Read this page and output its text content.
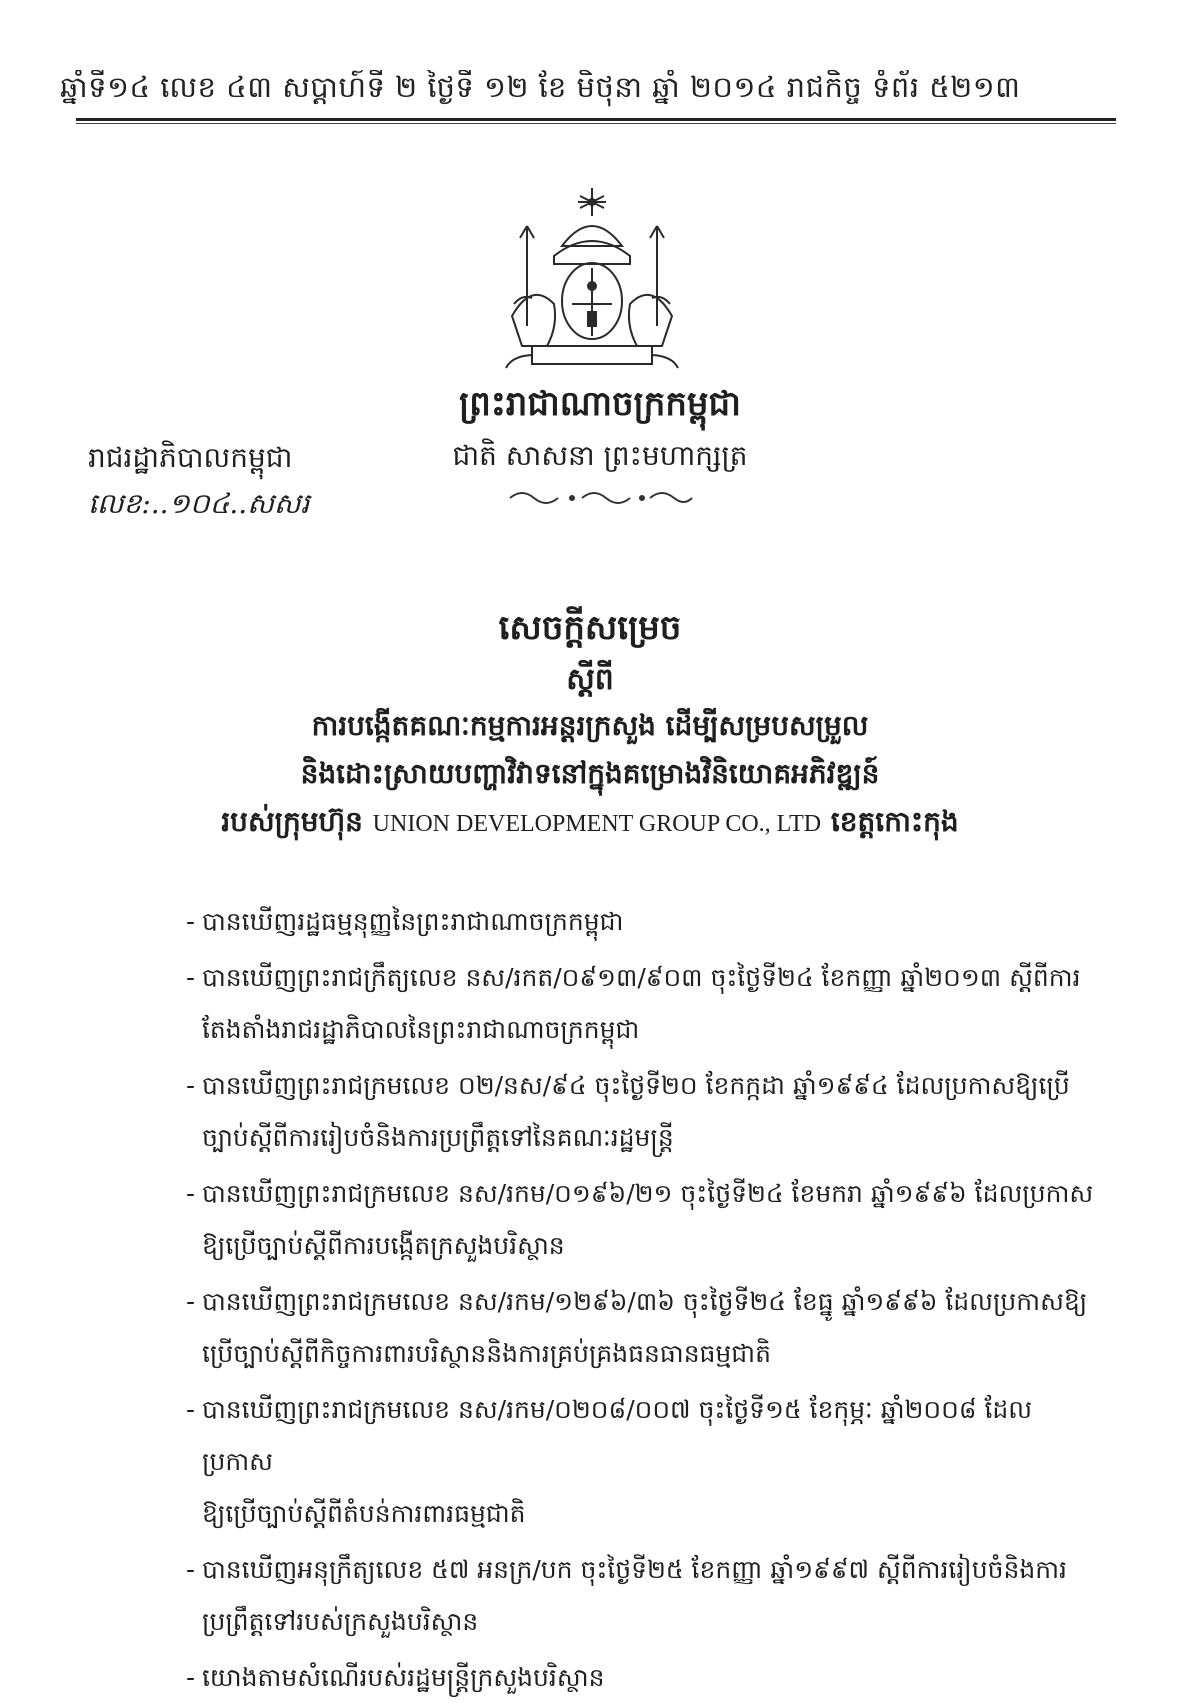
ឆ្នាំទី១៤ លេខ ៤៣ សប្តាហ៍ទី ២ ថ្ងៃទី ១២ ខែ មិថុនា ឆ្នាំ ២០១៤ រាជកិច្ច ទំព័រ ៥២១៣
ព្រះរាជាណាចក្រកម្ពុជា
ជាតិ សាសនា ព្រះមហាក្សត្រ
រាជរដ្ឋាភិបាលកម្ពុជា
លេខ:..១០៤..សសរ
សេចក្តីសម្រេច
ស្តីពី
ការបង្កើតគណៈកម្មការអន្តរក្រសួង ដើម្បីសម្របសម្រួល
និងដោះស្រាយបញ្ហាវិវាទនៅក្នុងគម្រោងវិនិយោគអភិវឌ្ឍន៍
របស់ក្រុមហ៊ុន UNION DEVELOPMENT GROUP CO., LTD ខេត្តកោះកុង
- បានឃើញរដ្ឋធម្មនុញ្ញនៃព្រះរាជាណាចក្រកម្ពុជា
- បានឃើញព្រះរាជក្រឹត្យលេខ នស/រកត/០៩១៣/៩០៣ ចុះថ្ងៃទី២៤ ខែកញ្ញា ឆ្នាំ២០១៣ ស្តីពីការ
តែងតាំងរាជរដ្ឋាភិបាលនៃព្រះរាជាណាចក្រកម្ពុជា
- បានឃើញព្រះរាជក្រមលេខ ០២/នស/៩៤ ចុះថ្ងៃទី២០ ខែកក្កដា ឆ្នាំ១៩៩៤ ដែលប្រកាសឱ្យប្រើ
ច្បាប់ស្តីពីការរៀបចំនិងការប្រព្រឹត្តទៅនៃគណៈរដ្ឋមន្ត្រី
- បានឃើញព្រះរាជក្រមលេខ នស/រកម/០១៩៦/២១ ចុះថ្ងៃទី២៤ ខែមករា ឆ្នាំ១៩៩៦ ដែលប្រកាស
ឱ្យប្រើច្បាប់ស្តីពីការបង្កើតក្រសួងបរិស្ថាន
- បានឃើញព្រះរាជក្រមលេខ នស/រកម/១២៩៦/៣៦ ចុះថ្ងៃទី២៤ ខែធ្នូ ឆ្នាំ១៩៩៦ ដែលប្រកាសឱ្យ
ប្រើច្បាប់ស្តីពីកិច្ចការពារបរិស្ថាននិងការគ្រប់គ្រងធនធានធម្មជាតិ
- បានឃើញព្រះរាជក្រមលេខ នស/រកម/០២០៨/០០៧ ចុះថ្ងៃទី១៥ ខែកុម្ភៈ ឆ្នាំ២០០៨ ដែលប្រកាស
ឱ្យប្រើច្បាប់ស្តីពីតំបន់ការពារធម្មជាតិ
- បានឃើញអនុក្រឹត្យលេខ ៥៧ អនក្រ/បក ចុះថ្ងៃទី២៥ ខែកញ្ញា ឆ្នាំ១៩៩៧ ស្តីពីការរៀបចំនិងការ
ប្រព្រឹត្តទៅរបស់ក្រសួងបរិស្ថាន
- យោងតាមសំណើរបស់រដ្ឋមន្ត្រីក្រសួងបរិស្ថាន
